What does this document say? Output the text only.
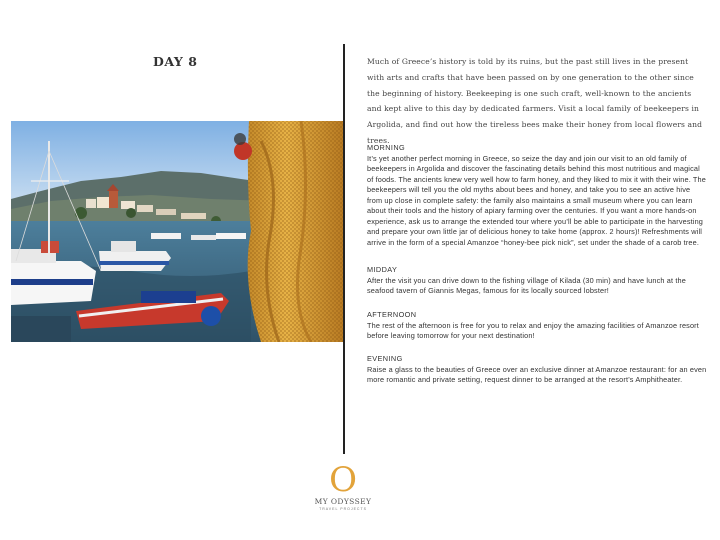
DAY 8	Much of Greece’s history is told by its ruins, but the past still lives in the present with arts and crafts that have been passed on by one generation to the other since the beginning of history. Beekeeping is one such craft, well-known to the ancients and kept alive to this day by dedicated farmers. Visit a local family of beekeepers in Argolida, and find out how the tireless bees make their honey from local flowers and trees.
MORNING
It’s yet another perfect morning in Greece, so seize the day and join our visit to an old family of beekeepers in Argolida and discover the fascinating details behind this most nutritious and magical of foods. The ancients knew very well how to farm honey, and they liked to mix it with their wine. The beekeepers will tell you the old myths about bees and honey, and take you to see an active hive from up close in complete safety: the family also maintains a small museum where you can learn about their tools and the history of apiary farming over the centuries. If you want a more hands-on experience, ask us to arrange the extended tour where you’ll be able to participate in the harvesting and prepare your own little jar of delicious honey to take home (approx. 2 hours)! Refreshments will arrive in the form of a special Amanzoe “honey-bee pick nick”, set under the shade of a carob tree.
MIDDAY
After the visit you can drive down to the fishing village of Kilada (30 min) and have lunch at the seafood tavern of Giannis Megas, famous for its locally sourced lobster!
AFTERNOON
The rest of the afternoon is free for you to relax and enjoy the amazing facilities of Amanzoe resort before leaving tomorrow for your next destination!
EVENING
Raise a glass to the beauties of Greece over an exclusive dinner at Amanzoe restaurant: for an even more romantic and private setting, request dinner to be arranged at the resort’s Amphitheater.
O
MY ODYSSEY
TRAVEL PROJECTS
